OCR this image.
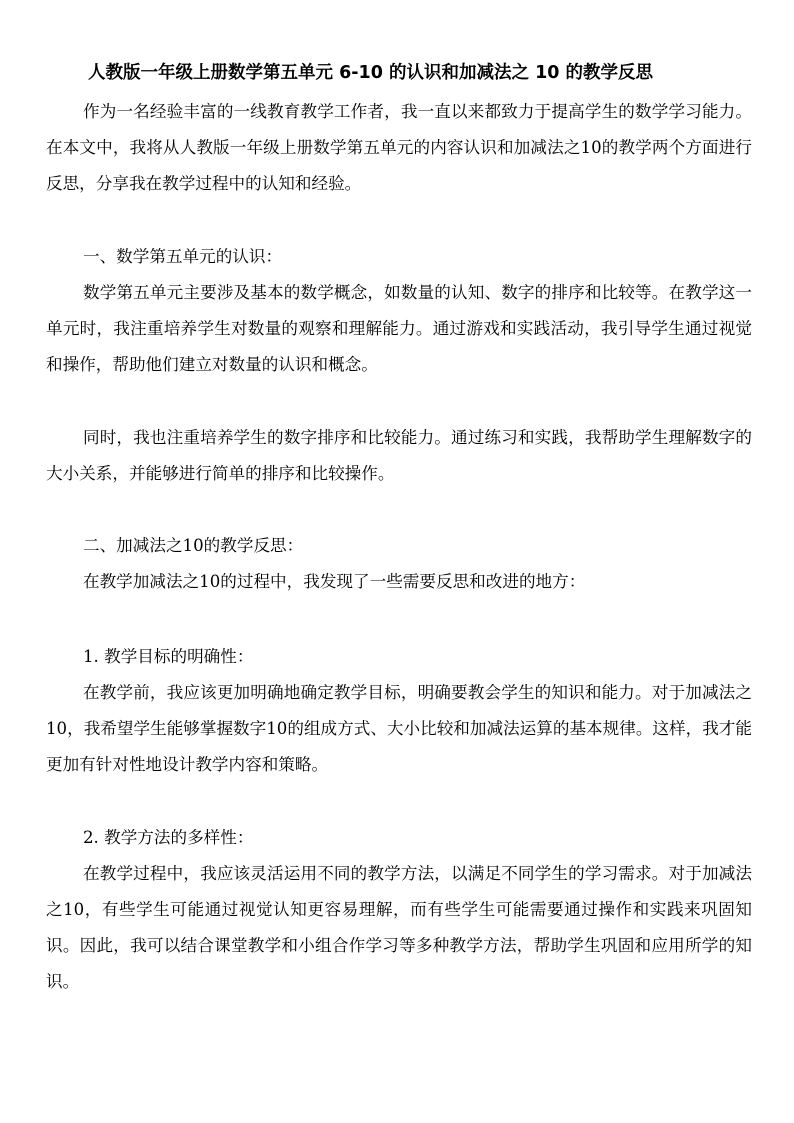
人教版一年级上册数学第五单元 6-10 的认识和加减法之 10 的教学反思

作为一名经验丰富的一线教育教学工作者，我一直以来都致力于提高学生的数学学习能力。在本文中，我将从人教版一年级上册数学第五单元的内容认识和加减法之10的教学两个方面进行反思，分享我在教学过程中的认知和经验。

一、数学第五单元的认识：

数学第五单元主要涉及基本的数学概念，如数量的认知、数字的排序和比较等。在教学这一单元时，我注重培养学生对数量的观察和理解能力。通过游戏和实践活动，我引导学生通过视觉和操作，帮助他们建立对数量的认识和概念。

同时，我也注重培养学生的数字排序和比较能力。通过练习和实践，我帮助学生理解数字的大小关系，并能够进行简单的排序和比较操作。

二、加减法之10的教学反思：

在教学加减法之10的过程中，我发现了一些需要反思和改进的地方：

1. 教学目标的明确性：

在教学前，我应该更加明确地确定教学目标，明确要教会学生的知识和能力。对于加减法之10，我希望学生能够掌握数字10的组成方式、大小比较和加减法运算的基本规律。这样，我才能更加有针对性地设计教学内容和策略。

2. 教学方法的多样性：

在教学过程中，我应该灵活运用不同的教学方法，以满足不同学生的学习需求。对于加减法之10，有些学生可能通过视觉认知更容易理解，而有些学生可能需要通过操作和实践来巩固知识。因此，我可以结合课堂教学和小组合作学习等多种教学方法，帮助学生巩固和应用所学的知识。
